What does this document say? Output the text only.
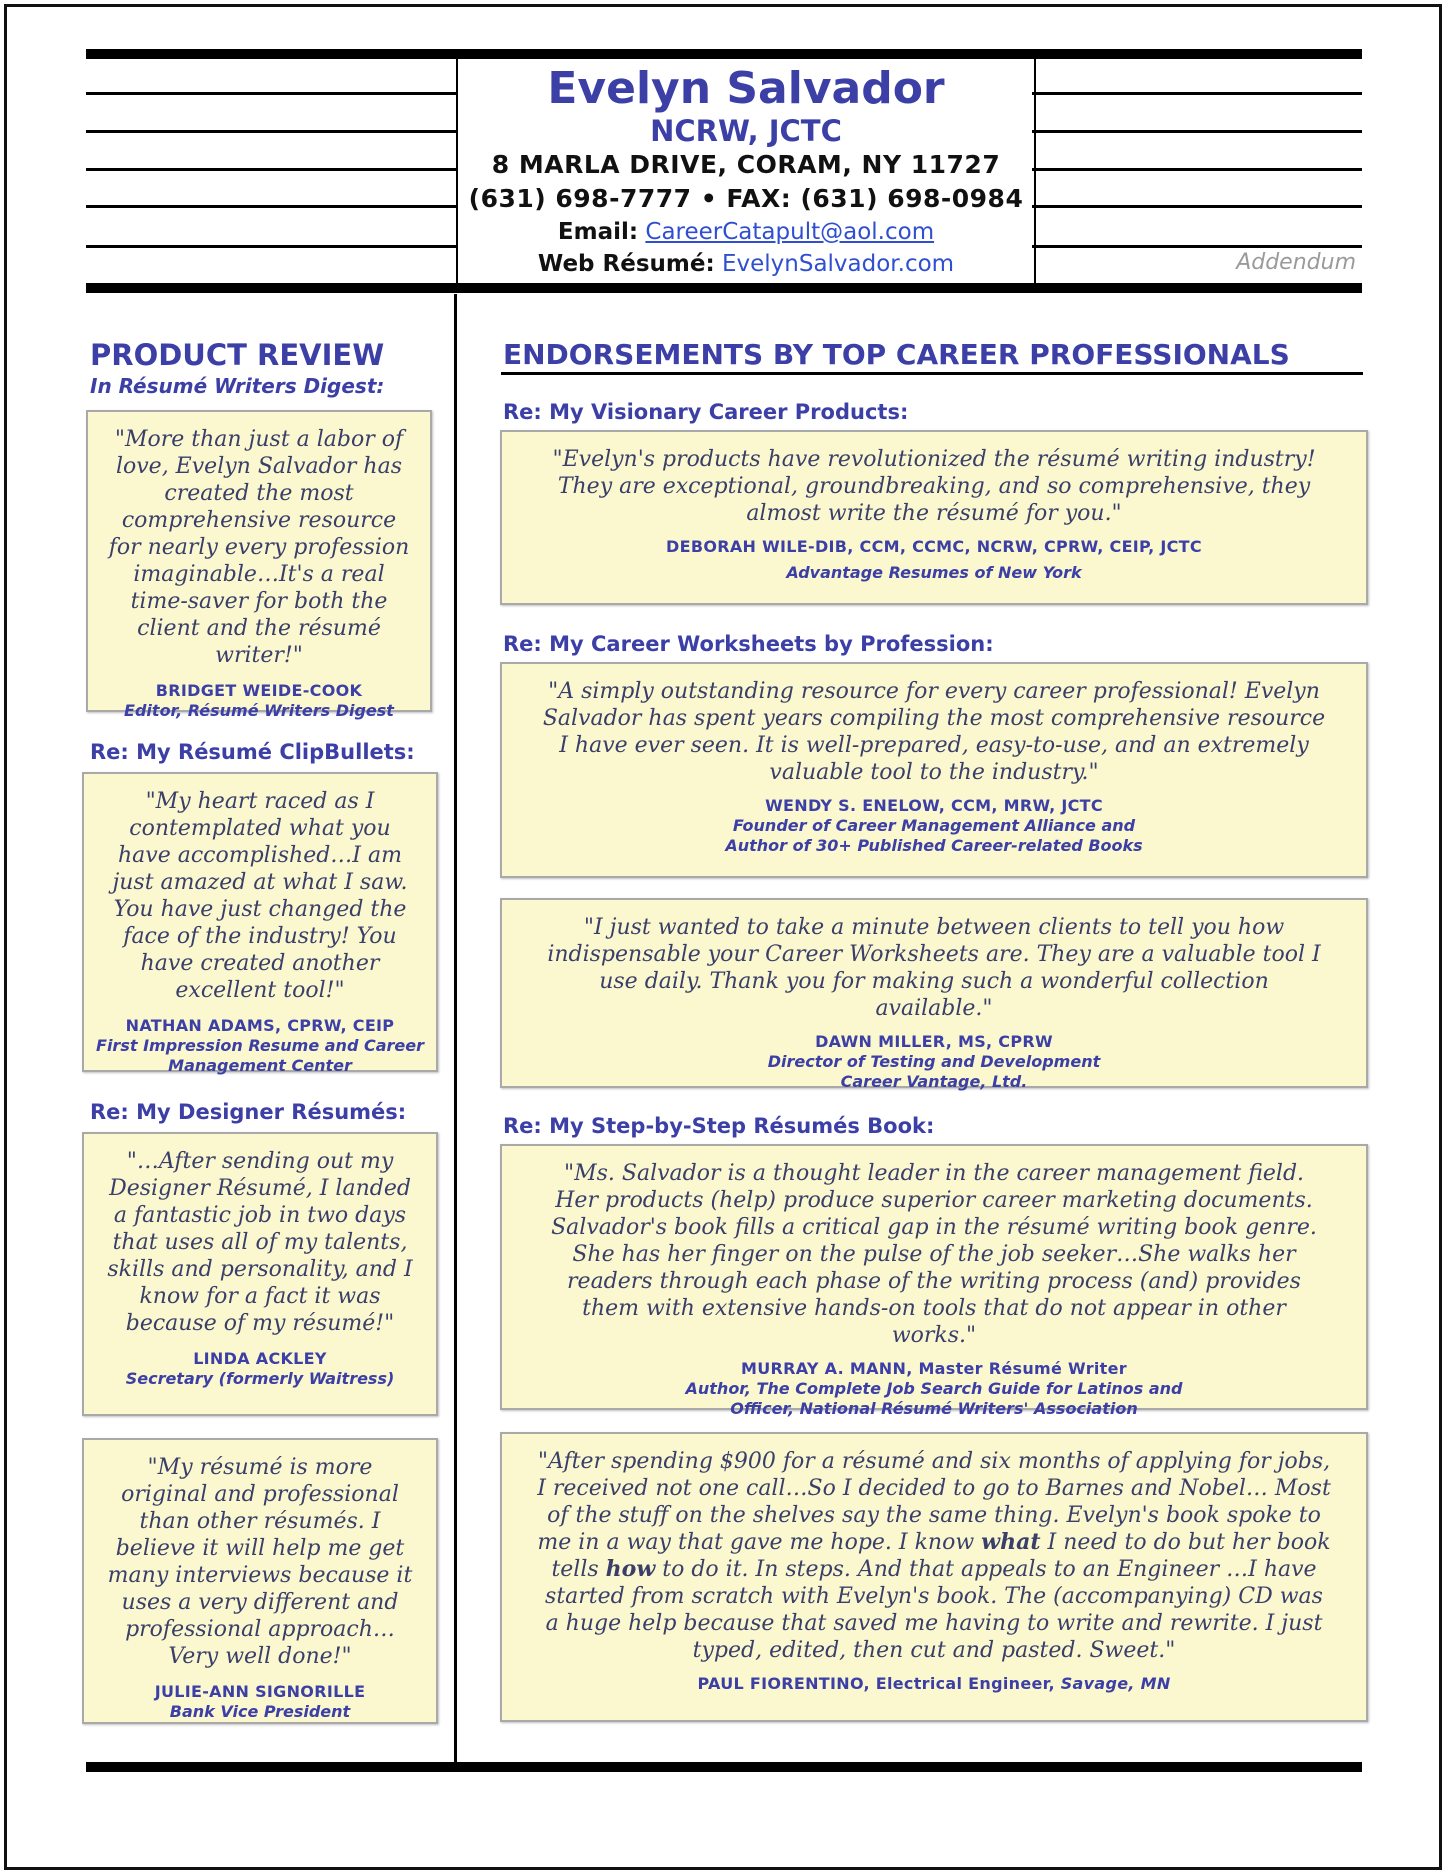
Evelyn Salvador
NCRW, JCTC
8 MARLA DRIVE, CORAM, NY 11727
(631) 698-7777 • FAX: (631) 698-0984
Email: CareerCatapult@aol.com
Web Résumé: EvelynSalvador.com	Addendum
PRODUCT REVIEW
In Résumé Writers Digest:
"More than just a labor of love, Evelyn Salvador has created the most comprehensive resource for nearly every profession imaginable…It's a real time-saver for both the client and the résumé writer!"
BRIDGET WEIDE-COOK
Editor, Résumé Writers Digest
Re: My Résumé ClipBullets:
"My heart raced as I contemplated what you have accomplished…I am just amazed at what I saw. You have just changed the face of the industry! You have created another excellent tool!"
NATHAN ADAMS, CPRW, CEIP
First Impression Resume and Career Management Center
Re: My Designer Résumés:
"…After sending out my Designer Résumé, I landed a fantastic job in two days that uses all of my talents, skills and personality, and I know for a fact it was because of my résumé!"
LINDA ACKLEY
Secretary (formerly Waitress)
"My résumé is more original and professional than other résumés. I believe it will help me get many interviews because it uses a very different and professional approach…Very well done!"
JULIE-ANN SIGNORILLE
Bank Vice President
ENDORSEMENTS BY TOP CAREER PROFESSIONALS
Re: My Visionary Career Products:
"Evelyn's products have revolutionized the résumé writing industry! They are exceptional, groundbreaking, and so comprehensive, they almost write the résumé for you."
DEBORAH WILE-DIB, CCM, CCMC, NCRW, CPRW, CEIP, JCTC
Advantage Resumes of New York
Re: My Career Worksheets by Profession:
"A simply outstanding resource for every career professional! Evelyn Salvador has spent years compiling the most comprehensive resource I have ever seen. It is well-prepared, easy-to-use, and an extremely valuable tool to the industry."
WENDY S. ENELOW, CCM, MRW, JCTC
Founder of Career Management Alliance and
Author of 30+ Published Career-related Books
"I just wanted to take a minute between clients to tell you how indispensable your Career Worksheets are. They are a valuable tool I use daily. Thank you for making such a wonderful collection available."
DAWN MILLER, MS, CPRW
Director of Testing and Development
Career Vantage, Ltd.
Re: My Step-by-Step Résumés Book:
"Ms. Salvador is a thought leader in the career management field. Her products (help) produce superior career marketing documents. Salvador's book fills a critical gap in the résumé writing book genre. She has her finger on the pulse of the job seeker…She walks her readers through each phase of the writing process (and) provides them with extensive hands-on tools that do not appear in other works."
MURRAY A. MANN, Master Résumé Writer
Author, The Complete Job Search Guide for Latinos and
Officer, National Résumé Writers' Association
"After spending $900 for a résumé and six months of applying for jobs, I received not one call…So I decided to go to Barnes and Nobel… Most of the stuff on the shelves say the same thing. Evelyn's book spoke to me in a way that gave me hope. I know what I need to do but her book tells how to do it. In steps. And that appeals to an Engineer …I have started from scratch with Evelyn's book. The (accompanying) CD was a huge help because that saved me having to write and rewrite. I just typed, edited, then cut and pasted. Sweet."
PAUL FIORENTINO, Electrical Engineer, Savage, MN
